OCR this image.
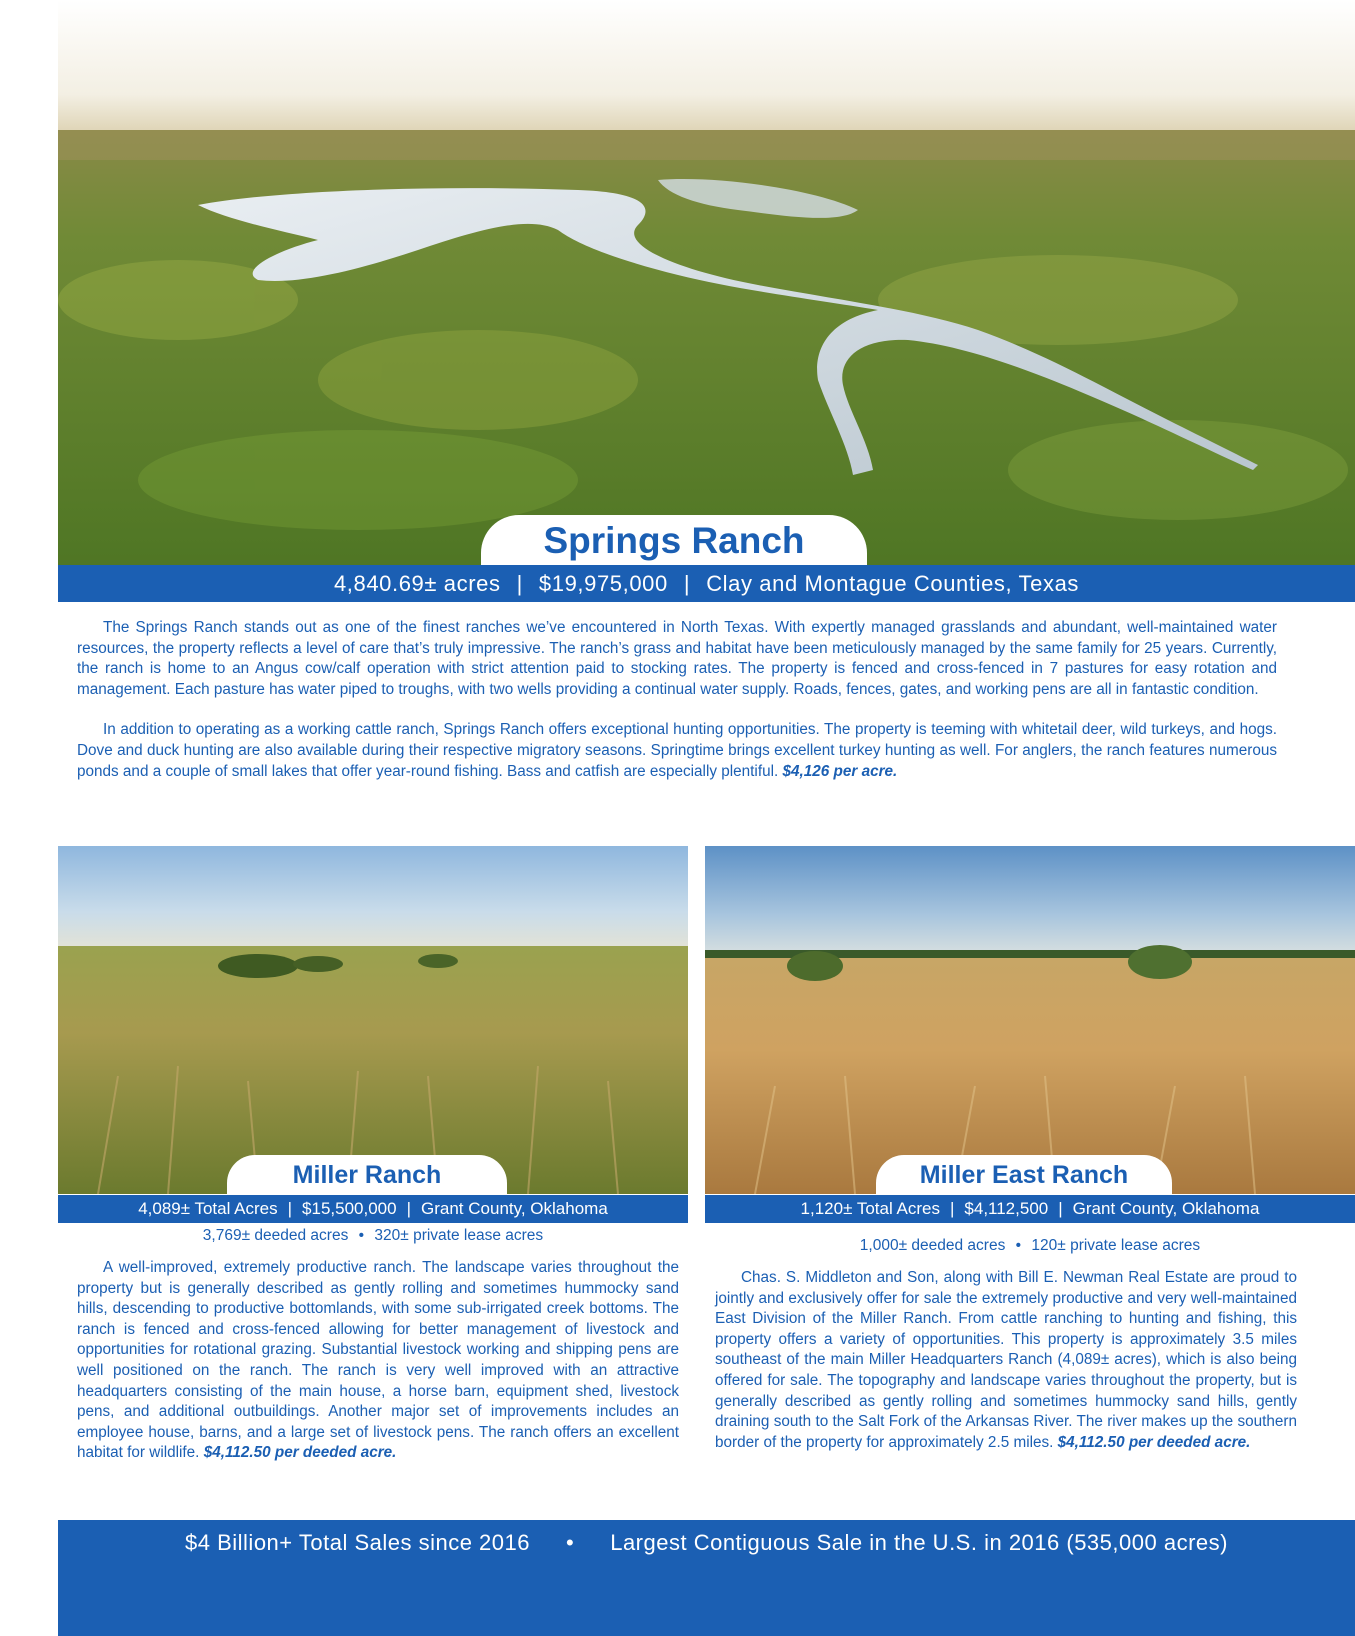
Springs Ranch
4,840.69± acres | $19,975,000 | Clay and Montague Counties, Texas

The Springs Ranch stands out as one of the finest ranches we’ve encountered in North Texas. With expertly managed grasslands and abundant, well-maintained water resources, the property reflects a level of care that’s truly impressive. The ranch’s grass and habitat have been meticulously managed by the same family for 25 years. Currently, the ranch is home to an Angus cow/calf operation with strict attention paid to stocking rates. The property is fenced and cross-fenced in 7 pastures for easy rotation and management. Each pasture has water piped to troughs, with two wells providing a continual water supply. Roads, fences, gates, and working pens are all in fantastic condition.

In addition to operating as a working cattle ranch, Springs Ranch offers exceptional hunting opportunities. The property is teeming with whitetail deer, wild turkeys, and hogs. Dove and duck hunting are also available during their respective migratory seasons. Springtime brings excellent turkey hunting as well. For anglers, the ranch features numerous ponds and a couple of small lakes that offer year-round fishing. Bass and catfish are especially plentiful. $4,126 per acre.

Miller Ranch
4,089± Total Acres | $15,500,000 | Grant County, Oklahoma
3,769± deeded acres • 320± private lease acres

A well-improved, extremely productive ranch. The landscape varies throughout the property but is generally described as gently rolling and sometimes hummocky sand hills, descending to productive bottomlands, with some sub-irrigated creek bottoms. The ranch is fenced and cross-fenced allowing for better management of livestock and opportunities for rotational grazing. Substantial livestock working and shipping pens are well positioned on the ranch. The ranch is very well improved with an attractive headquarters consisting of the main house, a horse barn, equipment shed, livestock pens, and additional outbuildings. Another major set of improvements includes an employee house, barns, and a large set of livestock pens. The ranch offers an excellent habitat for wildlife. $4,112.50 per deeded acre.

Miller East Ranch
1,120± Total Acres | $4,112,500 | Grant County, Oklahoma
1,000± deeded acres • 120± private lease acres

Chas. S. Middleton and Son, along with Bill E. Newman Real Estate are proud to jointly and exclusively offer for sale the extremely productive and very well-maintained East Division of the Miller Ranch. From cattle ranching to hunting and fishing, this property offers a variety of opportunities. This property is approximately 3.5 miles southeast of the main Miller Headquarters Ranch (4,089± acres), which is also being offered for sale. The topography and landscape varies throughout the property, but is generally described as gently rolling and sometimes hummocky sand hills, gently draining south to the Salt Fork of the Arkansas River. The river makes up the southern border of the property for approximately 2.5 miles. $4,112.50 per deeded acre.

$4 Billion+ Total Sales since 2016 • Largest Contiguous Sale in the U.S. in 2016 (535,000 acres)
